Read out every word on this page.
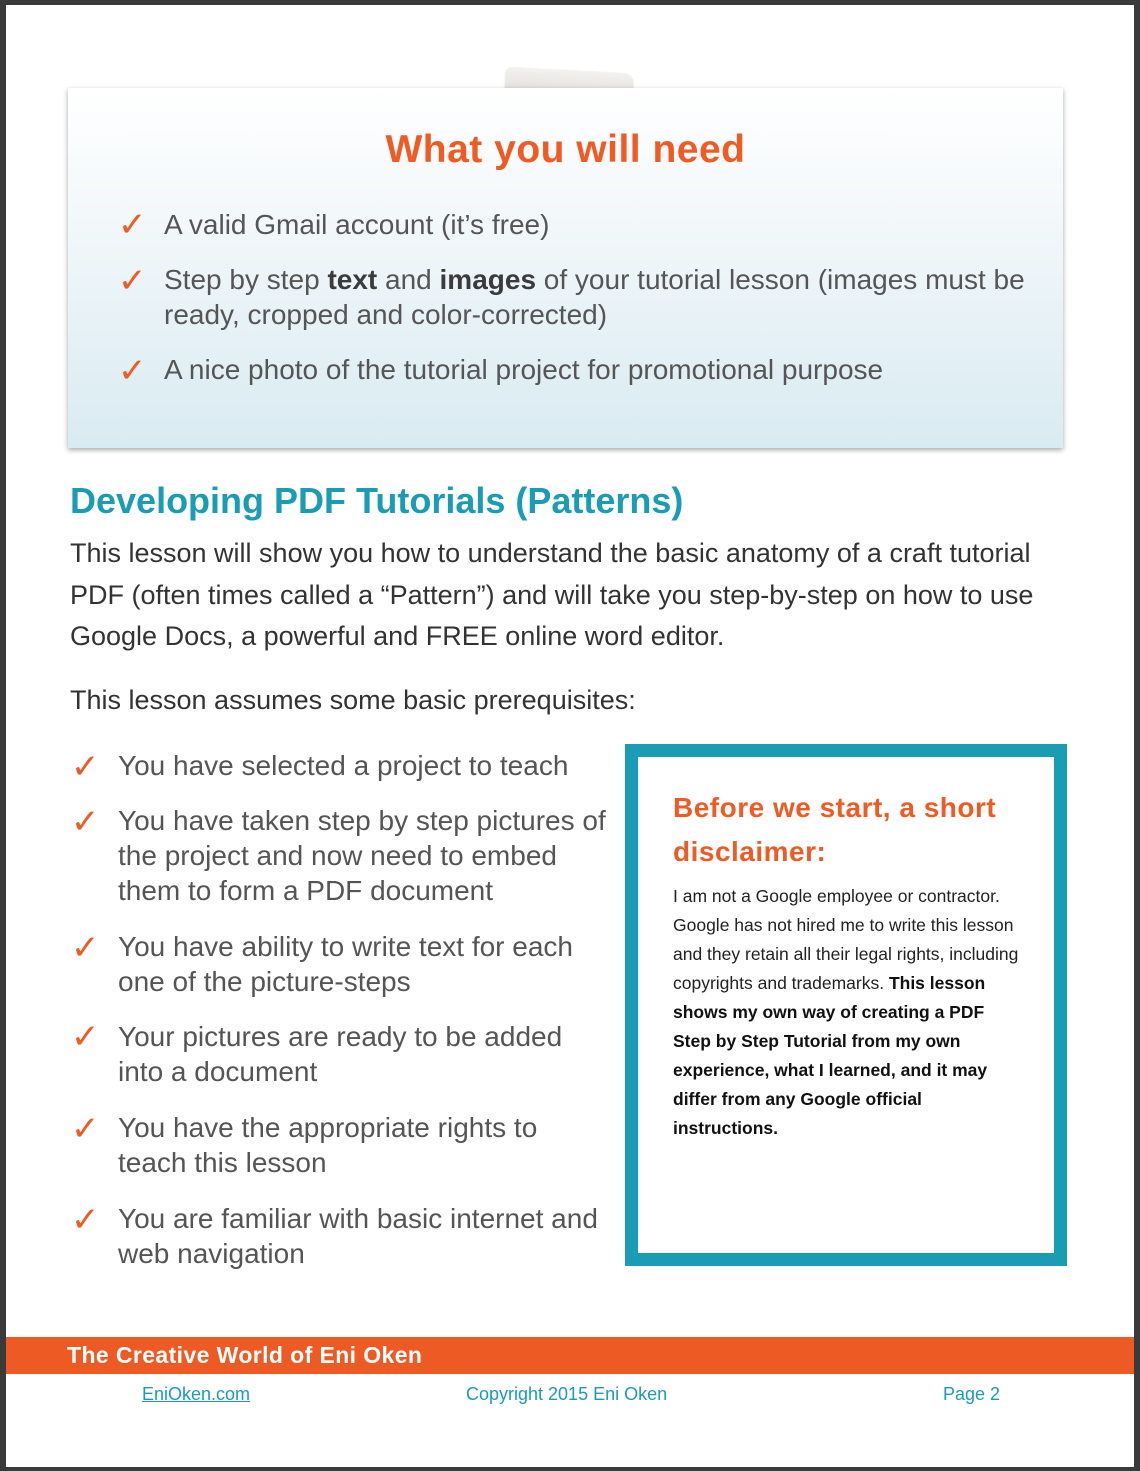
What you will need
✓ A valid Gmail account (it’s free)
✓ Step by step text and images of your tutorial lesson (images must be ready, cropped and color-corrected)
✓ A nice photo of the tutorial project for promotional purpose
Developing PDF Tutorials (Patterns)
This lesson will show you how to understand the basic anatomy of a craft tutorial PDF (often times called a “Pattern”) and will take you step-by-step on how to use Google Docs, a powerful and FREE online word editor.
This lesson assumes some basic prerequisites:
✓ You have selected a project to teach
✓ You have taken step by step pictures of the project and now need to embed them to form a PDF document
✓ You have ability to write text for each one of the picture-steps
✓ Your pictures are ready to be added into a document
✓ You have the appropriate rights to teach this lesson
✓ You are familiar with basic internet and web navigation
Before we start, a short disclaimer:
I am not a Google employee or contractor. Google has not hired me to write this lesson and they retain all their legal rights, including copyrights and trademarks. This lesson shows my own way of creating a PDF Step by Step Tutorial from my own experience, what I learned, and it may differ from any Google official instructions.
The Creative World of Eni Oken
EniOken.com	Copyright 2015 Eni Oken	Page 2
